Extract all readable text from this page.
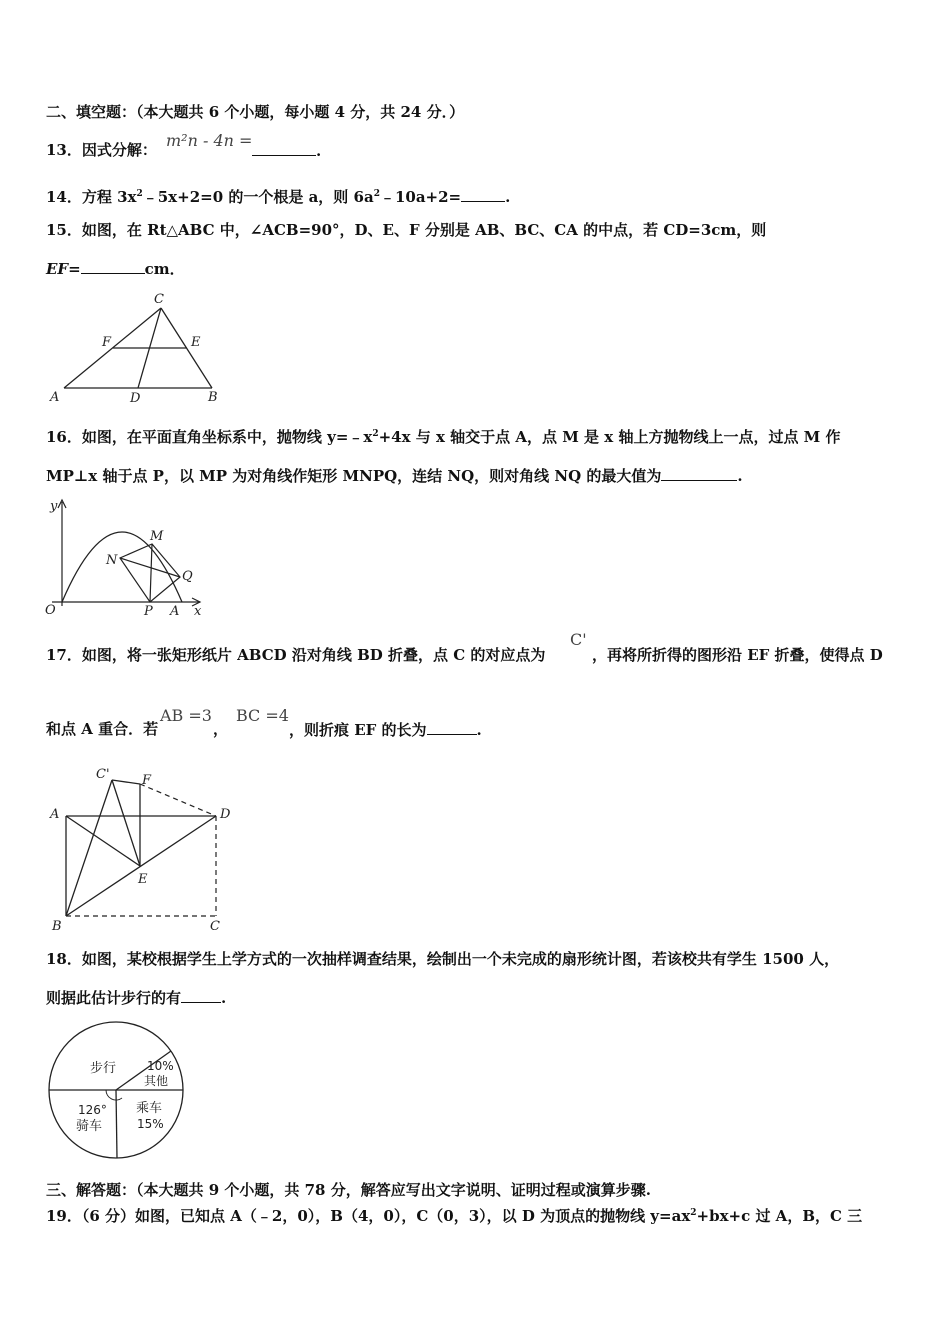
二、填空题：（本大题共 6 个小题，每小题 4 分，共 24 分．）
13．因式分解： m²n - 4n =
.
14．方程 $3x^2﹣5x+2=0$ 的一个根是 a，则 $6a^2﹣10a+2=$	.
15．如图，在 Rt△ABC 中，∠ACB=90°，D、E、F 分别是 AB、BC、CA 的中点，若 CD=3cm，则
EF=	cm．
C
F	E
A	D	B
16．如图，在平面直角坐标系中，抛物线 $y=﹣x^2+4x$ 与 x 轴交于点 A，点 M 是 x 轴上方抛物线上一点，过点 M 作
MP⊥x 轴于点 P，以 MP 为对角线作矩形 MNPQ，连结 NQ，则对角线 NQ 的最大值为	.
y
M
N
Q
O	P A x
17．如图，将一张矩形纸片 ABCD 沿对角线 BD 折叠，点 C 的对应点为
C'
，再将所折得的图形沿 EF 折叠，使得点 D
和点 A 重合．若
AB =3
，
BC =4
，则折痕 EF 的长为	.
C' F
A	D
E
B	C
18．如图，某校根据学生上学方式的一次抽样调查结果，绘制出一个未完成的扇形统计图，若该校共有学生 1500 人，
则据此估计步行的有	.
步行	10%
其他
126°
骑车
乘车
15%
三、解答题：（本大题共 9 个小题，共 78 分，解答应写出文字说明、证明过程或演算步骤.
19．（6 分）如图，已知点 A（﹣2，0），B（4，0），C（0，3），以 D 为顶点的抛物线 $y=ax^2+bx+c$ 过 A，B，C 三
